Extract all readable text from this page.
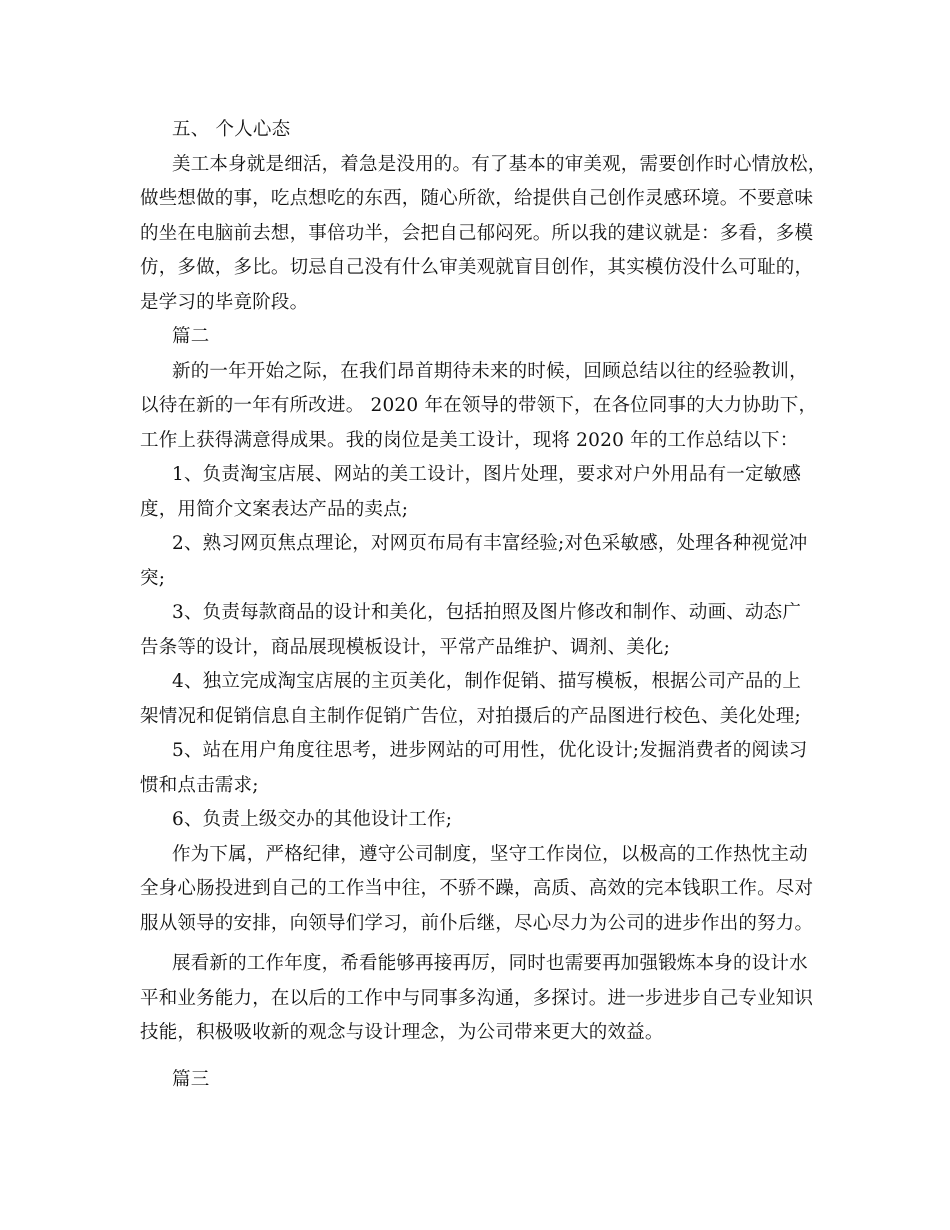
五、 个人心态
美工本身就是细活，着急是没用的。有了基本的审美观，需要创作时心情放松，
做些想做的事，吃点想吃的东西，随心所欲，给提供自己创作灵感环境。不要意味
的坐在电脑前去想，事倍功半，会把自己郁闷死。所以我的建议就是：多看，多模
仿，多做，多比。切忌自己没有什么审美观就盲目创作，其实模仿没什么可耻的，
是学习的毕竟阶段。
篇二
新的一年开始之际，在我们昂首期待未来的时候，回顾总结以往的经验教训，
以待在新的一年有所改进。 2020 年在领导的带领下，在各位同事的大力协助下，
工作上获得满意得成果。我的岗位是美工设计，现将 2020 年的工作总结以下：
1、负责淘宝店展、网站的美工设计，图片处理，要求对户外用品有一定敏感
度，用简介文案表达产品的卖点;
2、熟习网页焦点理论，对网页布局有丰富经验;对色采敏感，处理各种视觉冲
突;
3、负责每款商品的设计和美化，包括拍照及图片修改和制作、动画、动态广
告条等的设计，商品展现模板设计，平常产品维护、调剂、美化;
4、独立完成淘宝店展的主页美化，制作促销、描写模板，根据公司产品的上
架情况和促销信息自主制作促销广告位，对拍摄后的产品图进行校色、美化处理;
5、站在用户角度往思考，进步网站的可用性，优化设计;发掘消费者的阅读习
惯和点击需求;
6、负责上级交办的其他设计工作;
作为下属，严格纪律，遵守公司制度，坚守工作岗位，以极高的工作热忱主动
全身心肠投进到自己的工作当中往，不骄不躁，高质、高效的完本钱职工作。尽对
服从领导的安排，向领导们学习，前仆后继，尽心尽力为公司的进步作出的努力。
展看新的工作年度，希看能够再接再厉，同时也需要再加强锻炼本身的设计水
平和业务能力，在以后的工作中与同事多沟通，多探讨。进一步进步自己专业知识
技能，积极吸收新的观念与设计理念，为公司带来更大的效益。
篇三
